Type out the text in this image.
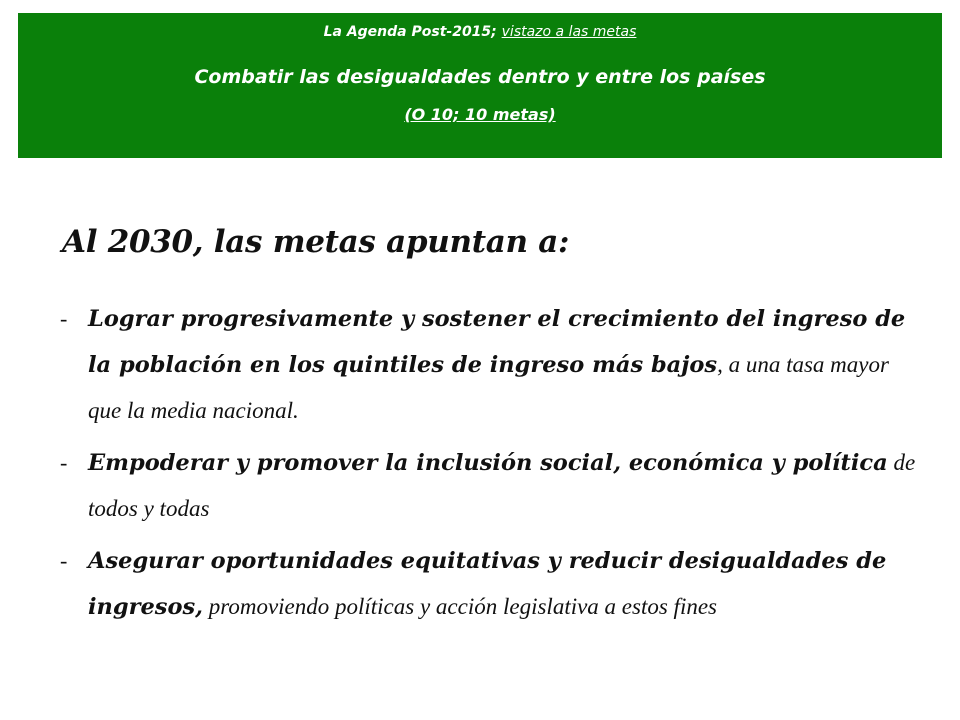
La Agenda Post-2015; vistazo a las metas
Combatir las desigualdades dentro y entre los países
(O 10; 10 metas)
Al 2030, las metas apuntan a:
- Lograr progresivamente y sostener el crecimiento del ingreso de la población en los quintiles de ingreso más bajos, a una tasa mayor que la media nacional.
- Empoderar y promover la inclusión social, económica y política de todos y todas
- Asegurar oportunidades equitativas y reducir desigualdades de ingresos, promoviendo políticas y acción legislativa a estos fines
